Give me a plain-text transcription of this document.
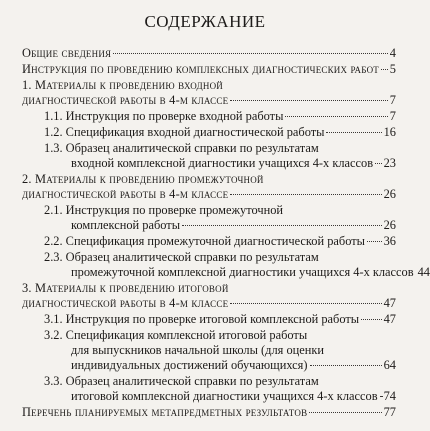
СОДЕРЖАНИЕ
Общие сведения	4
Инструкция по проведению комплексных диагностических работ 5
1. Материалы к проведению входной
диагностической работы в 4-м классе	7
1.1. Инструкция по проверке входной работы	7
1.2. Спецификация входной диагностической работы	16
1.3. Образец аналитической справки по результатам
входной комплексной диагностики учащихся 4-х классов 23
2. Материалы к проведению промежуточной
диагностической работы в 4-м классе	26
2.1. Инструкция по проверке промежуточной
комплексной работы	26
2.2. Спецификация промежуточной диагностической работы 36
2.3. Образец аналитической справки по результатам
промежуточной комплексной диагностики учащихся 4-х классов 44
3. Материалы к проведению итоговой
диагностической работы в 4-м классе	47
3.1. Инструкция по проверке итоговой комплексной работы 47
3.2. Спецификация комплексной итоговой работы
для выпускников начальной школы (для оценки
индивидуальных достижений обучающихся)	64
3.3. Образец аналитической справки по результатам
итоговой комплексной диагностики учащихся 4-х классов 74
Перечень планируемых метапредметных результатов	77
